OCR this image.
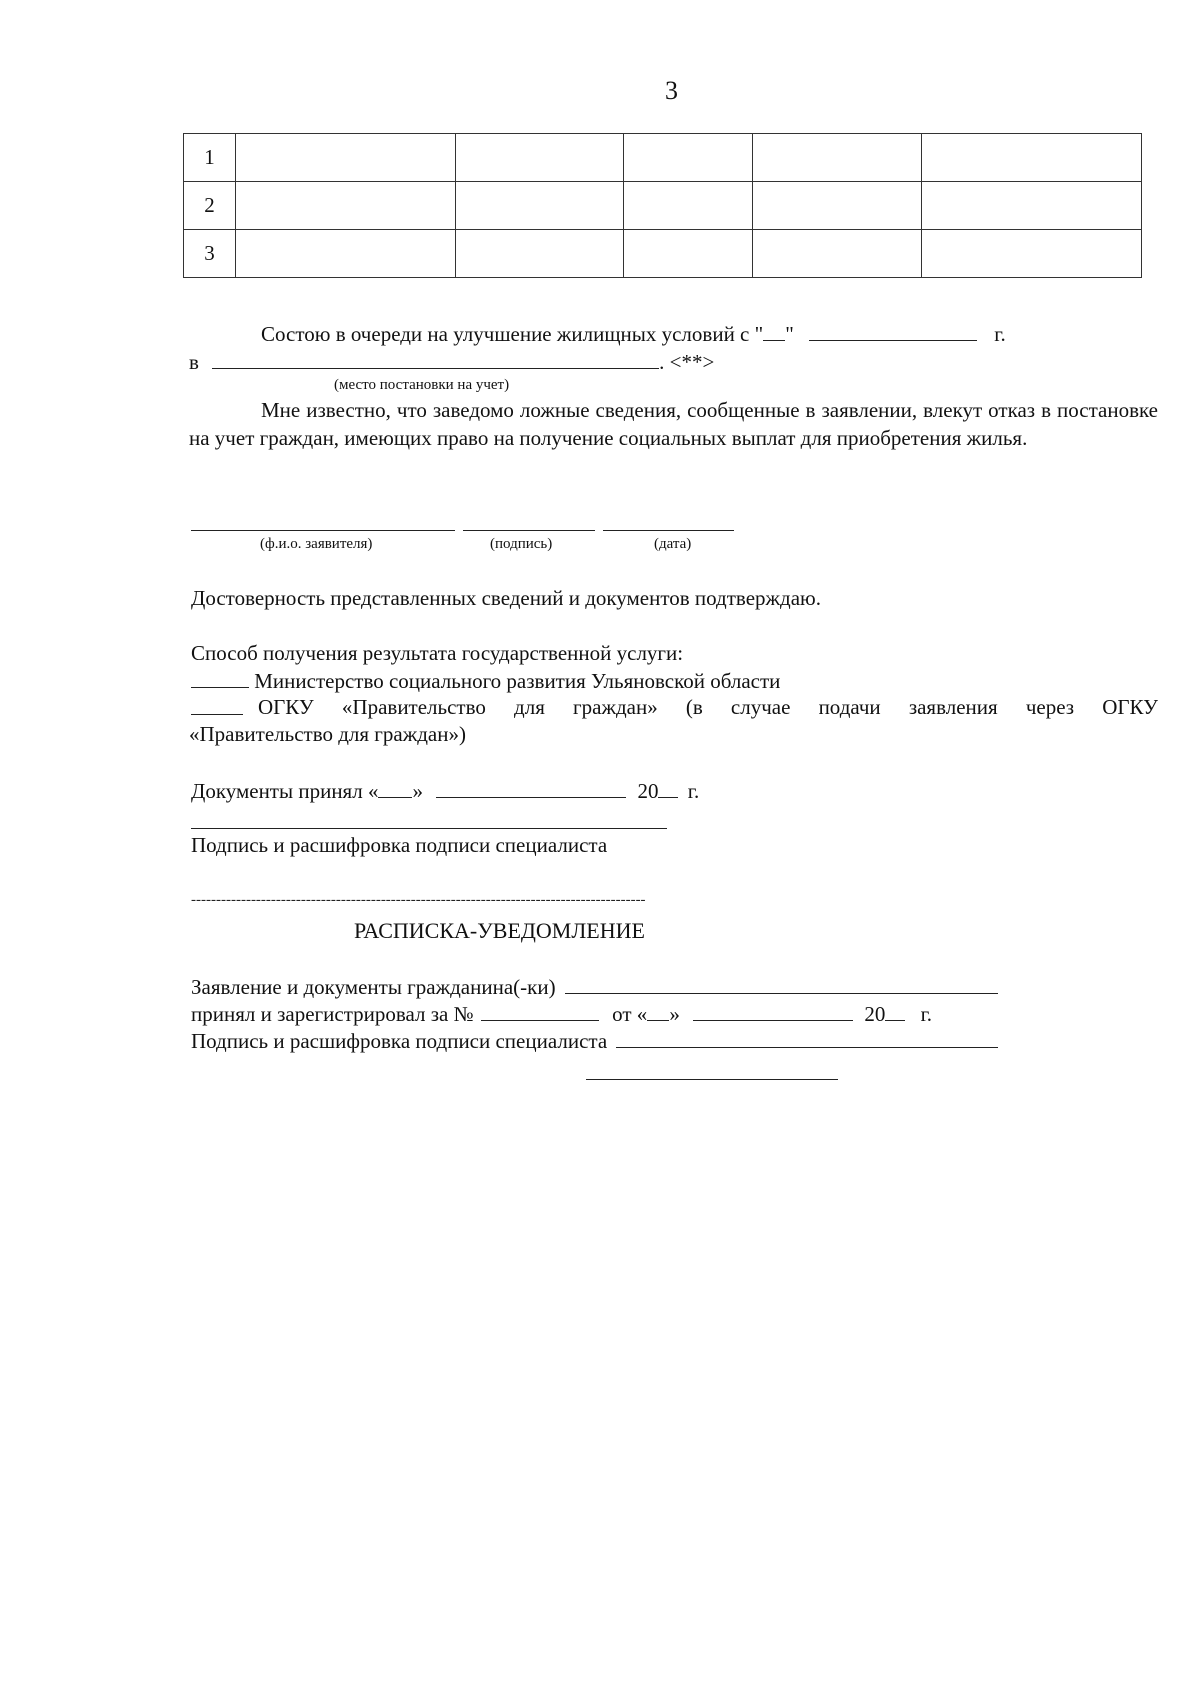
3
1					
2					
3					
Состою в очереди на улучшение жилищных условий с " "	г.
в	. <**>
(место постановки на учет)
Мне известно, что заведомо ложные сведения, сообщенные в заявлении, влекут отказ в постановке на учет граждан, имеющих право на получение социальных выплат для приобретения жилья.
(ф.и.о. заявителя)	(подпись)	(дата)
Достоверность представленных сведений и документов подтверждаю.
Способ получения результата государственной услуги:
Министерство социального развития Ульяновской области
ОГКУ «Правительство для граждан» (в случае подачи заявления через ОГКУ
«Правительство для граждан»)
Документы принял « »	20 г.
Подпись и расшифровка подписи специалиста
-------------------------------------------------------------------------------------------
РАСПИСКА-УВЕДОМЛЕНИЕ
Заявление и документы гражданина(-ки)
принял и зарегистрировал за №	от « »	20 г.
Подпись и расшифровка подписи специалиста
